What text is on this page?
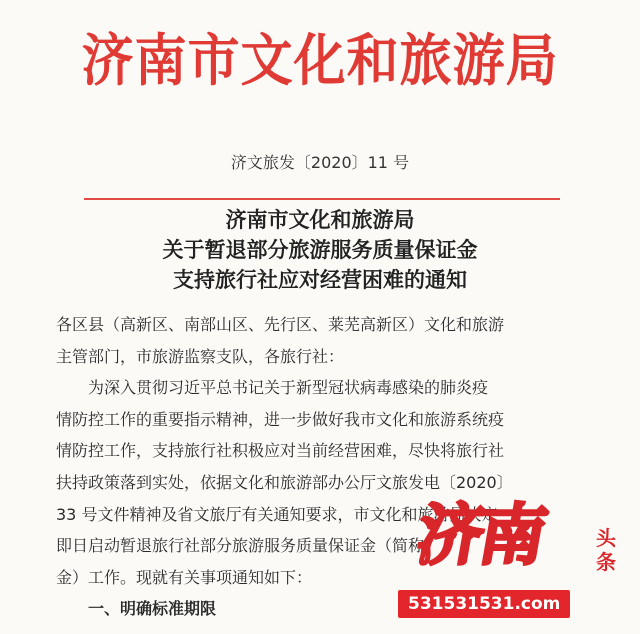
济南市文化和旅游局
济文旅发〔2020〕11 号
济南市文化和旅游局
关于暂退部分旅游服务质量保证金
支持旅行社应对经营困难的通知
各区县（高新区、南部山区、先行区、莱芜高新区）文化和旅游
主管部门，市旅游监察支队，各旅行社：
为深入贯彻习近平总书记关于新型冠状病毒感染的肺炎疫
情防控工作的重要指示精神，进一步做好我市文化和旅游系统疫
情防控工作，支持旅行社积极应对当前经营困难，尽快将旅行社
扶持政策落到实处，依据文化和旅游部办公厅文旅发电〔2020〕
33 号文件精神及省文旅厅有关通知要求，市文化和旅游局决定
即日启动暂退旅行社部分旅游服务质量保证金（简称
金）工作。现就有关事项通知如下：
一、明确标准期限
济南 头条
531531531.com
